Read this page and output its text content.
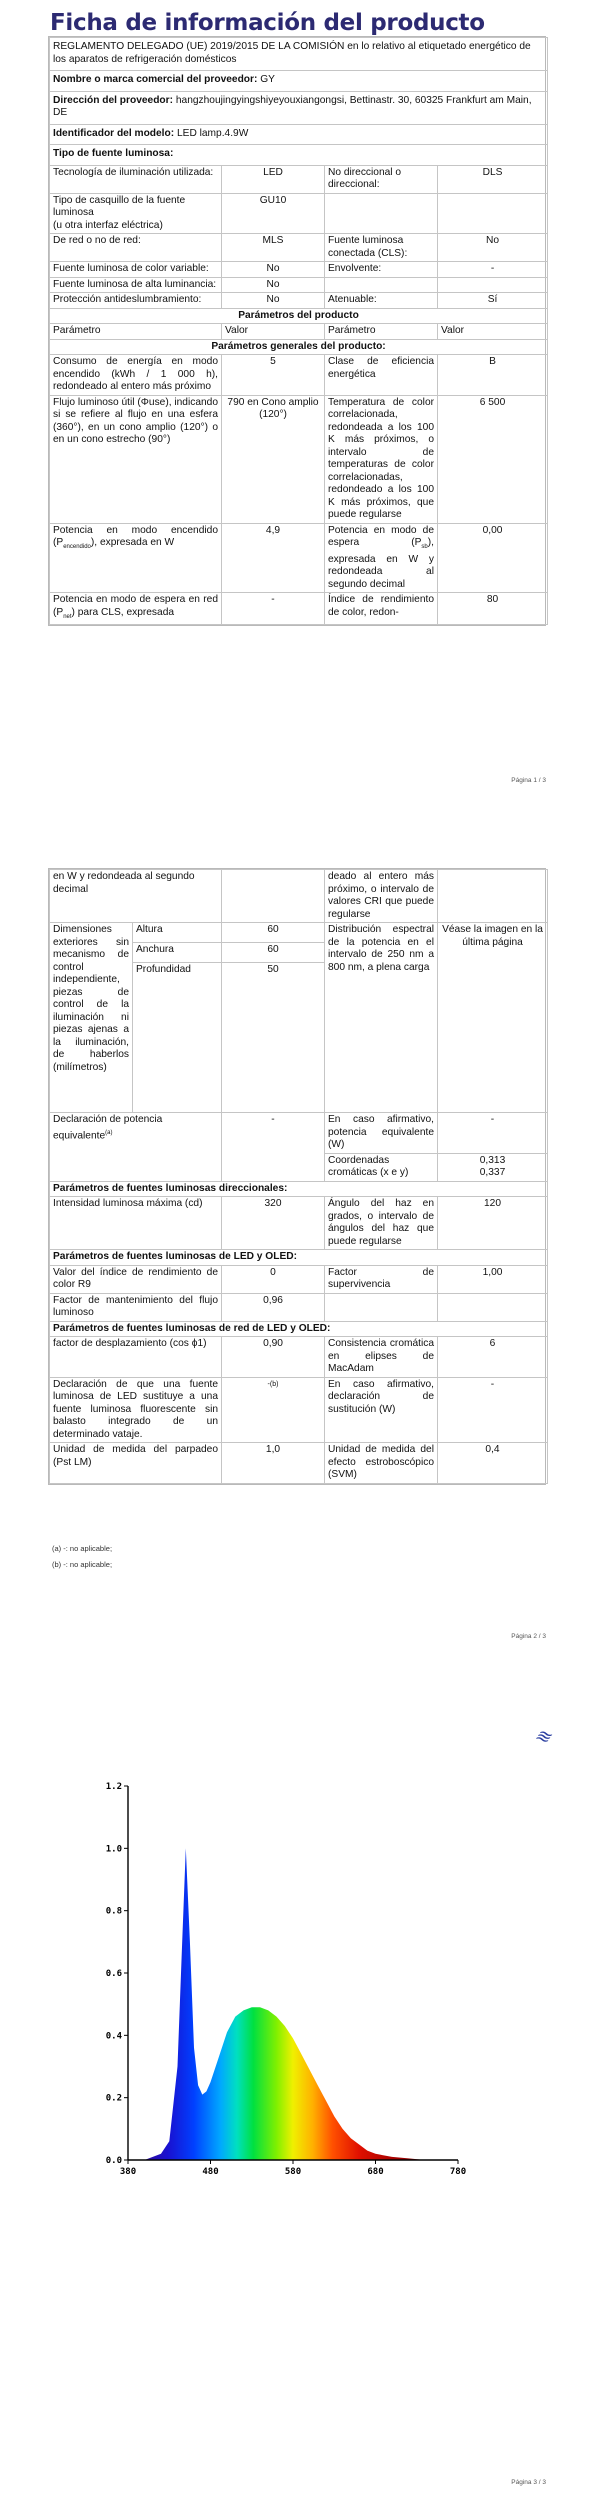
Ficha de información del producto
REGLAMENTO DELEGADO (UE) 2019/2015 DE LA COMISIÓN en lo relativo al etiquetado energético de los aparatos de refrigeración domésticos			
Nombre o marca comercial del proveedor: GY			
Dirección del proveedor: hangzhoujingyingshiyeyouxiangongsi, Bettinastr. 30, 60325 Frankfurt am Main, DE			
Identificador del modelo: LED lamp.4.9W			
Tipo de fuente luminosa:			
Tecnología de iluminación utilizada:	LED	No direccional o direccional:	DLS
Tipo de casquillo de la fuente luminosa
(u otra interfaz eléctrica)	GU10		
De red o no de red:	MLS	Fuente luminosa conectada (CLS):	No
Fuente luminosa de color variable:	No	Envolvente:	-
Fuente luminosa de alta luminancia:	No		
Protección antideslumbramiento:	No	Atenuable:	Sí
Parámetros del producto			
Parámetro	Valor	Parámetro	Valor
Parámetros generales del producto:			
Consumo de energía en modo encendido (kWh / 1 000 h), redondeado al entero más próximo	5	Clase de eficiencia energética	B
Flujo luminoso útil (Φuse), indicando si se refiere al flujo en una esfera (360°), en un cono amplio (120°) o en un cono estrecho (90°)	790 en Cono amplio (120°)	Temperatura de color correlacionada, redondeada a los 100 K más próximos, o intervalo de temperaturas de color correlacionadas, redondeado a los 100 K más próximos, que puede regularse	6 500
Potencia en modo encendido $(P_{encendido})$, expresada en W	4,9	Potencia en modo de espera $(P_{sb})$, expresada en W y redondeada al segundo decimal	0,00
Potencia en modo de espera en red $(P_{net})$ para CLS, expresada	-	Índice de rendimiento de color, redon-	80
Página 1 / 3
en W y redondeada al segundo decimal			deado al entero más próximo, o intervalo de valores CRI que puede regularse	
Dimensiones exteriores sin mecanismo de control independiente, piezas de control de la iluminación ni piezas ajenas a la iluminación, de haberlos (milímetros)	Altura	60	Distribución espectral de la potencia en el intervalo de 250 nm a 800 nm, a plena carga	Véase la imagen en la última página
	Anchura	60		
	Profundidad	50		
Declaración de potencia equivalente$^{(a)}$		-	En caso afirmativo, potencia equivalente (W)	-
			Coordenadas cromáticas (x e y)	0,313
0,337
Parámetros de fuentes luminosas direccionales:				
Intensidad luminosa máxima (cd)		320	Ángulo del haz en grados, o intervalo de ángulos del haz que puede regularse	120
Parámetros de fuentes luminosas de LED y OLED:				
Valor del índice de rendimiento de color R9		0	Factor de supervivencia	1,00
Factor de mantenimiento del flujo luminoso		0,96		
Parámetros de fuentes luminosas de red de LED y OLED:				
factor de desplazamiento (cos ϕ1)		0,90	Consistencia cromática en elipses de MacAdam	6
Declaración de que una fuente luminosa de LED sustituye a una fuente luminosa fluorescente sin balasto integrado de un determinado vataje.		-(b)	En caso afirmativo, declaración de sustitución (W)	-
Unidad de medida del parpadeo (Pst LM)		1,0	Unidad de medida del efecto estroboscópico (SVM)	0,4
(a) -: no aplicable;
(b) -: no aplicable;
Página 2 / 3
≋
0.0
0.2
0.4
0.6
0.8
1.0
1.2
380	480	580	680	780
Página 3 / 3
